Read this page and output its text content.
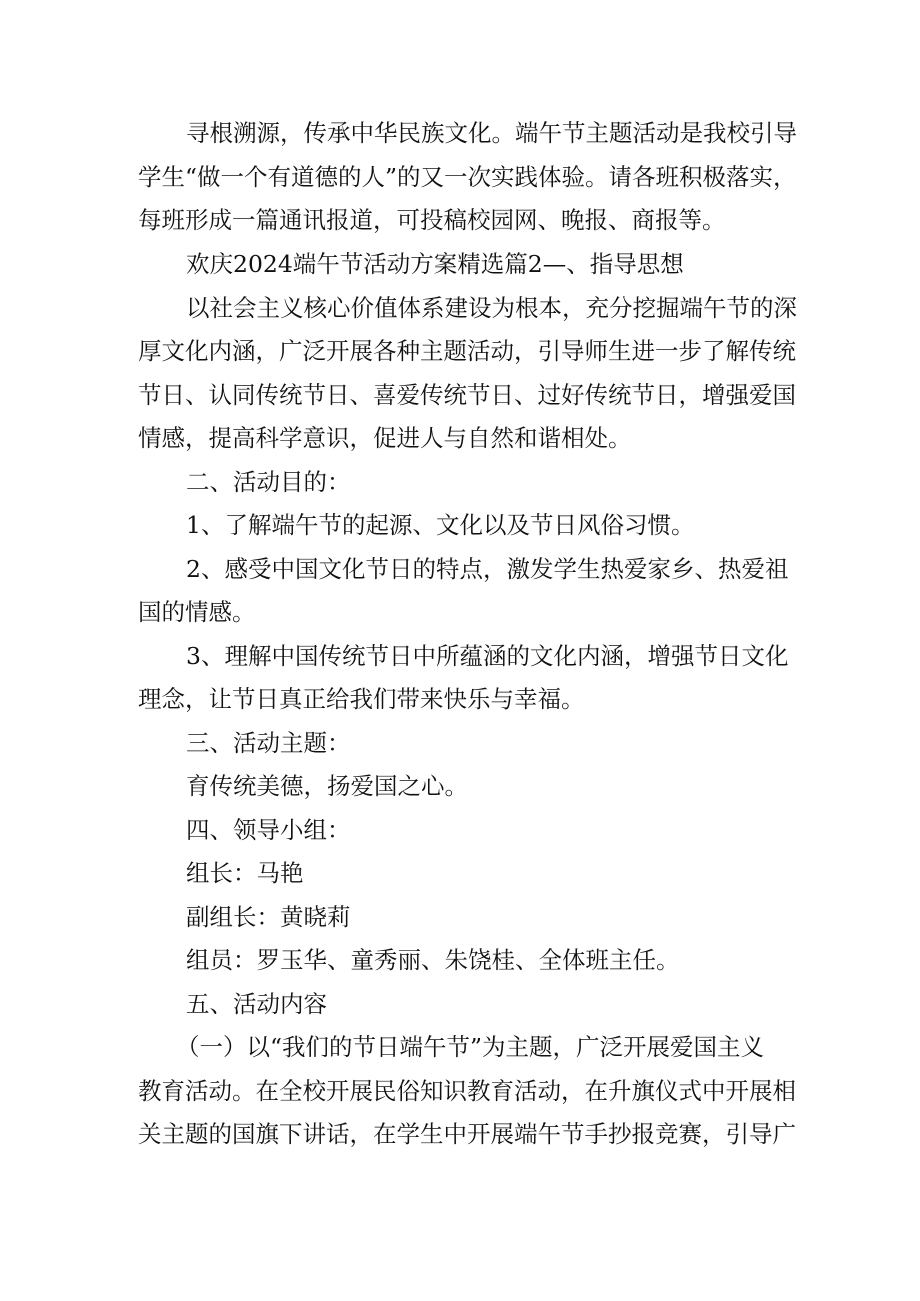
寻根溯源，传承中华民族文化。端午节主题活动是我校引导
学生“做一个有道德的人”的又一次实践体验。请各班积极落实，
每班形成一篇通讯报道，可投稿校园网、晚报、商报等。
欢庆2024端午节活动方案精选篇2—、指导思想
以社会主义核心价值体系建设为根本，充分挖掘端午节的深
厚文化内涵，广泛开展各种主题活动，引导师生进一步了解传统
节日、认同传统节日、喜爱传统节日、过好传统节日，增强爱国
情感，提高科学意识，促进人与自然和谐相处。
二、活动目的：
1、了解端午节的起源、文化以及节日风俗习惯。
2、感受中国文化节日的特点，激发学生热爱家乡、热爱祖
国的情感。
3、理解中国传统节日中所蕴涵的文化内涵，增强节日文化
理念，让节日真正给我们带来快乐与幸福。
三、活动主题：
育传统美德，扬爱国之心。
四、领导小组：
组长：马艳
副组长：黄晓莉
组员：罗玉华、童秀丽、朱饶桂、全体班主任。
五、活动内容
（一）以“我们的节日端午节”为主题，广泛开展爱国主义
教育活动。在全校开展民俗知识教育活动，在升旗仪式中开展相
关主题的国旗下讲话，在学生中开展端午节手抄报竞赛，引导广
